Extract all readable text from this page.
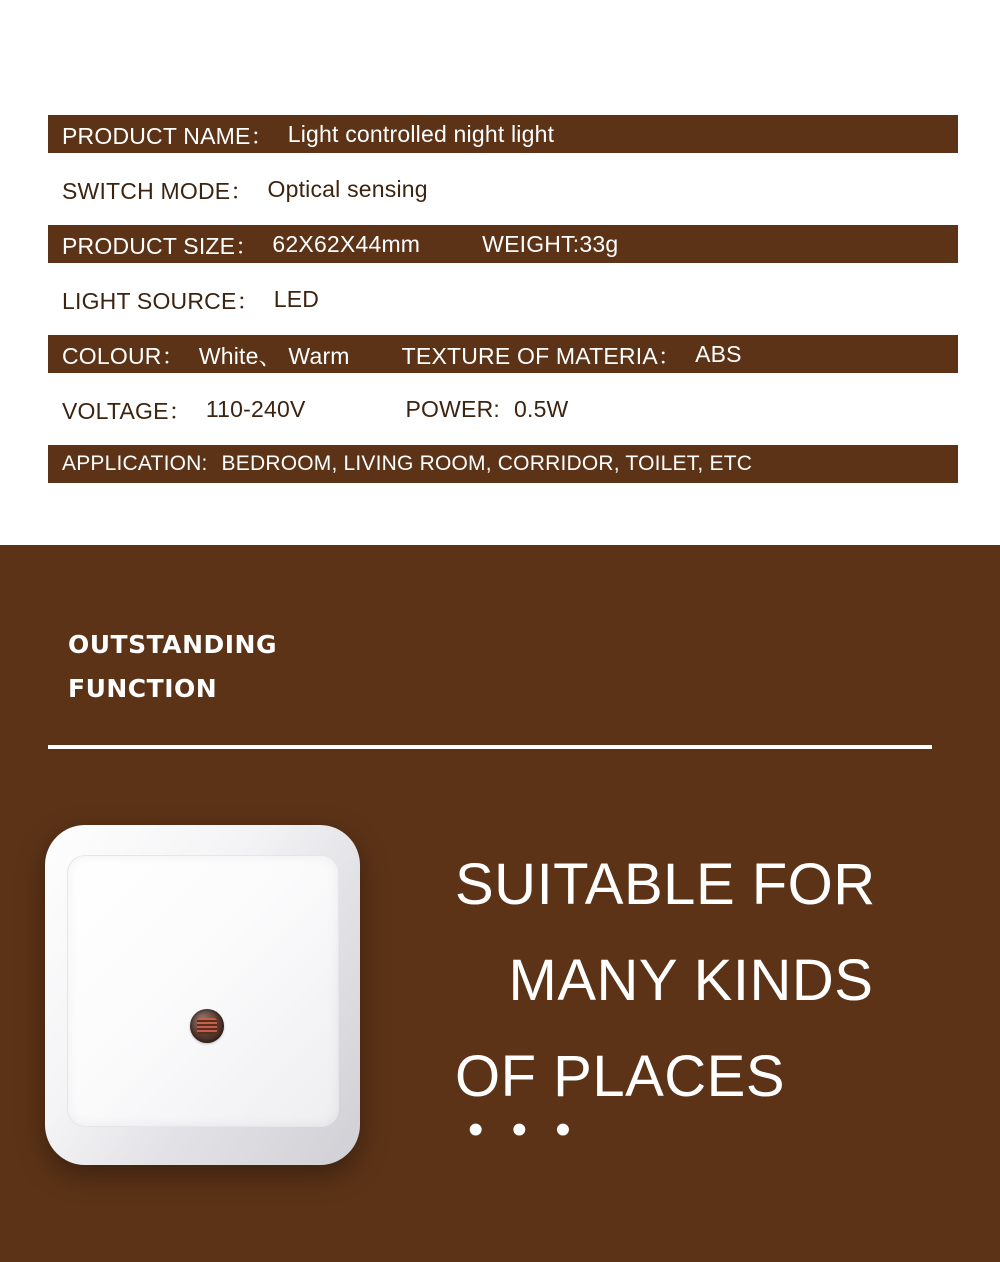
PRODUCT NAME： Light controlled night light
SWITCH MODE： Optical sensing
PRODUCT SIZE： 62X62X44mm	WEIGHT: 33g
LIGHT SOURCE： LED
COLOUR： White、 Warm TEXTURE OF MATERIA： ABS
VOLTAGE： 110-240V	POWER: 0.5W
APPLICATION: BEDROOM, LIVING ROOM, CORRIDOR, TOILET, ETC
OUTSTANDING
FUNCTION
SUITABLE FOR
MANY KINDS
OF PLACES
• • •
